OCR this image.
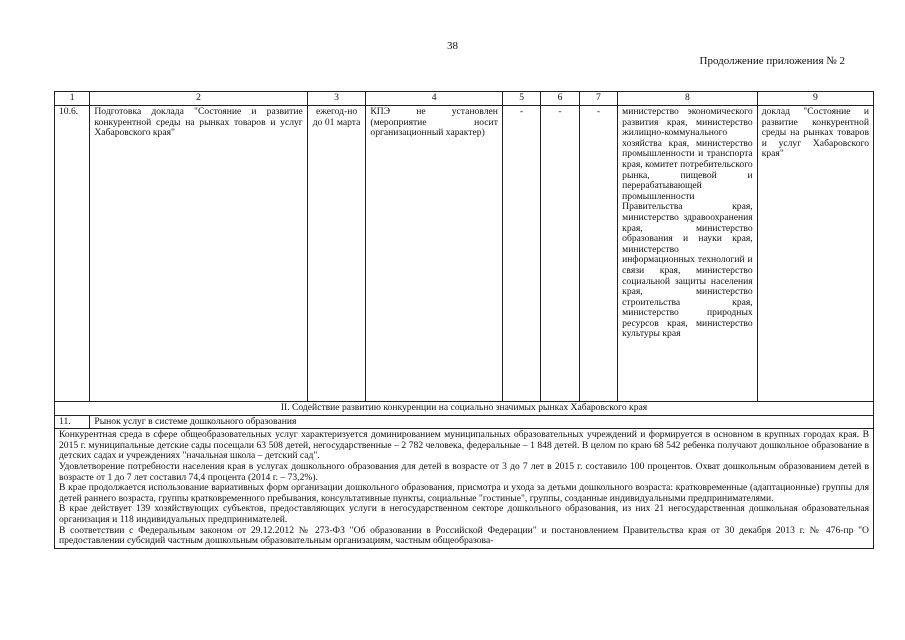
38
Продолжение приложения № 2
1	2	3	4	5	6	7	8	9
10.6.	Подготовка доклада "Состояние и развитие конкурентной среды на рынках товаров и услуг Хабаровского края"	ежегод-но до 01 марта	КПЭ не установлен (мероприятие носит организационный характер)	-	-	-	министерство экономического развития края, министерство жилищно-коммунального хозяйства края, министерство промышленности и транспорта края, комитет потребительского рынка, пищевой и перерабатывающей промышленности Правительства края, министерство здравоохранения края, министерство образования и науки края, министерство информационных технологий и связи края, министерство социальной защиты населения края, министерство строительства края, министерство природных ресурсов края, министерство культуры края	доклад "Состояние и развитие конкурентной среды на рынках товаров и услуг Хабаровского края"
II. Содействие развитию конкуренции на социально значимых рынках Хабаровского края								
11.	Рынок услуг в системе дошкольного образования							

Конкурентная среда в сфере общеобразовательных услуг характеризуется доминированием муниципальных образовательных учреждений и формируется в основном в крупных городах края. В 2015 г. муниципальные детские сады посещали 63 508 детей, негосударственные – 2 782 человека, федеральные – 1 848 детей. В целом по краю 68 542 ребенка получают дошкольное образование в детских садах и учреждениях "начальная школа – детский сад".

Удовлетворение потребности населения края в услугах дошкольного образования для детей в возрасте от 3 до 7 лет в 2015 г. составило 100 процентов. Охват дошкольным образованием детей в возрасте от 1 до 7 лет составил 74,4 процента (2014 г. – 73,2%).

В крае продолжается использование вариативных форм организации дошкольного образования, присмотра и ухода за детьми дошкольного возраста: кратковременные (адаптационные) группы для детей раннего возраста, группы кратковременного пребывания, консультативные пункты, социальные "гостиные", группы, созданные индивидуальными предпринимателями.

В крае действует 139 хозяйствующих субъектов, предоставляющих услуги в негосударственном секторе дошкольного образования, из них 21 негосударственная дошкольная образовательная организация и 118 индивидуальных предпринимателей.

В соответствии с Федеральным законом от 29.12.2012 № 273-ФЗ "Об образовании в Российской Федерации" и постановлением Правительства края от 30 декабря 2013 г. № 476-пр "О предоставлении субсидий частным дошкольным образовательным организациям, частным общеобразова-								
